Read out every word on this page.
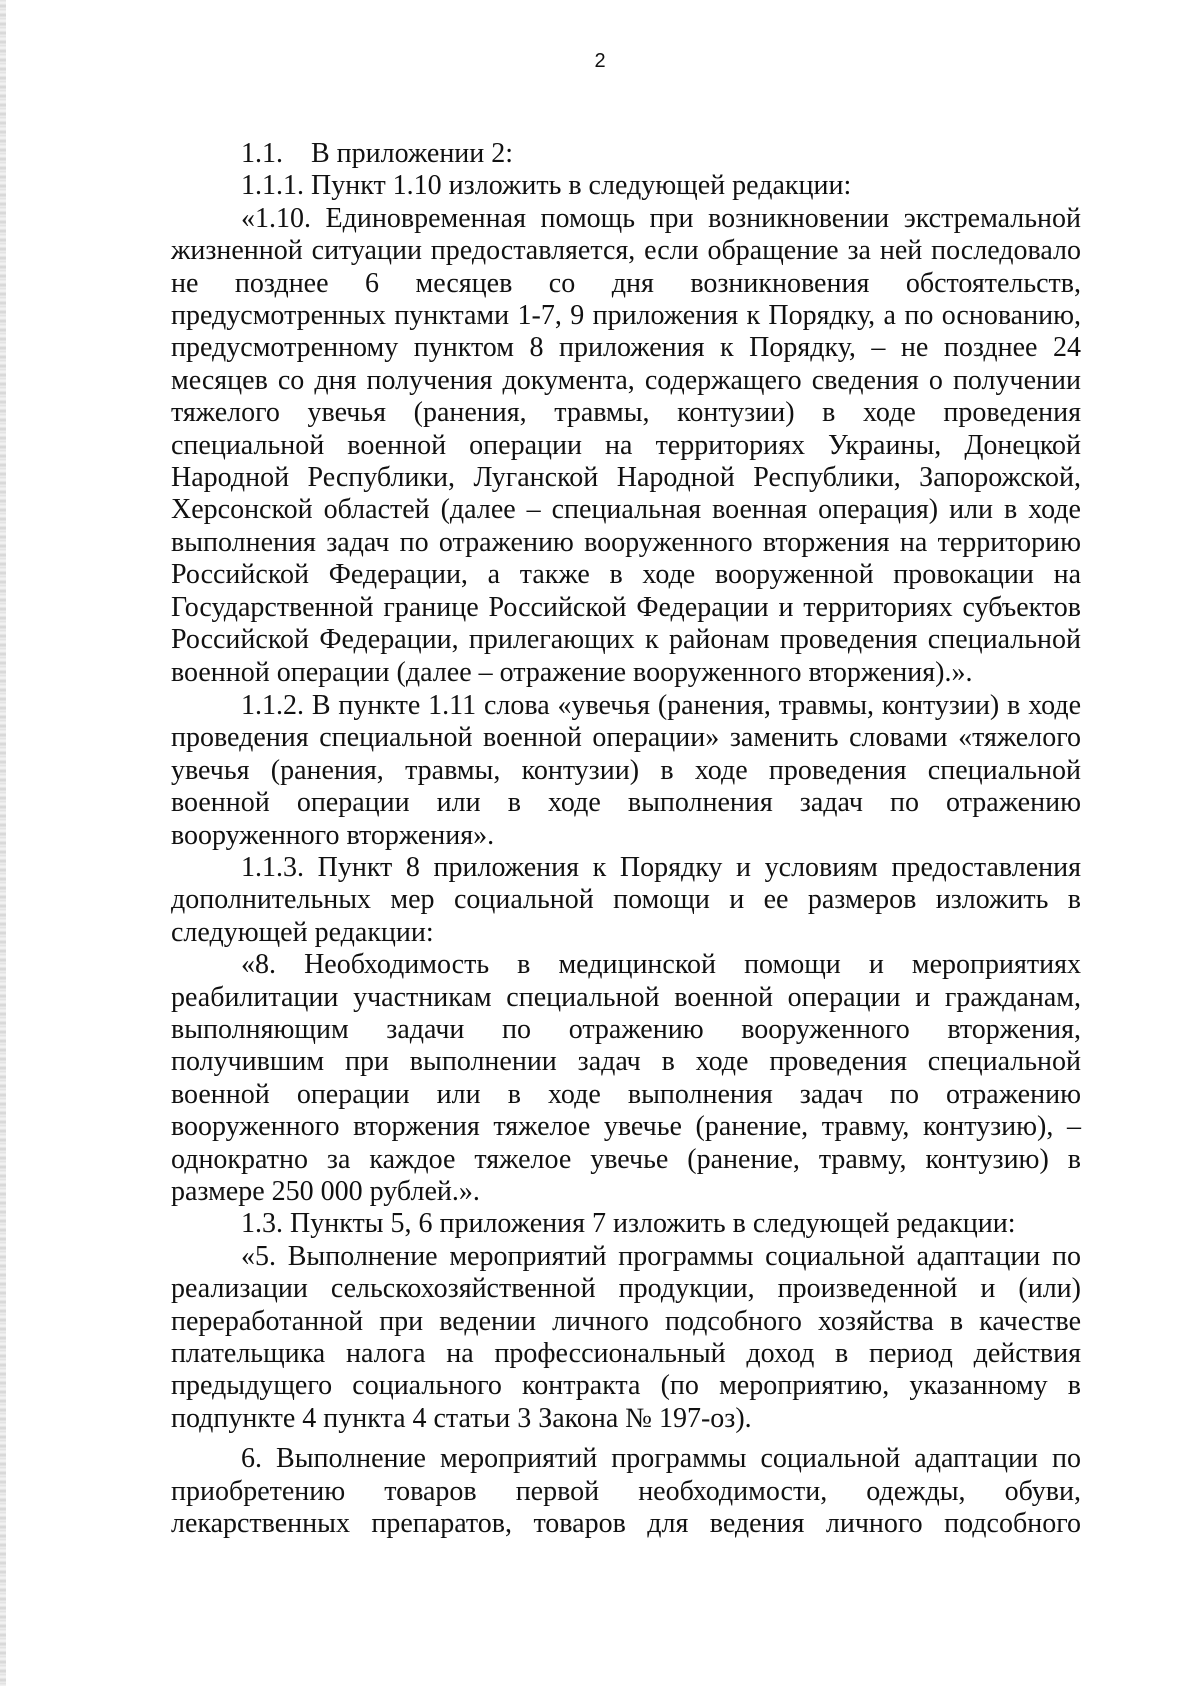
2

1.1.    В приложении 2:

1.1.1. Пункт 1.10 изложить в следующей редакции:

«1.10. Единовременная помощь при возникновении экстремальной жизненной ситуации предоставляется, если обращение за ней последовало не позднее 6 месяцев со дня возникновения обстоятельств, предусмотренных пунктами 1-7, 9 приложения к Порядку, а по основанию, предусмотренному пунктом 8 приложения к Порядку, – не позднее 24 месяцев со дня получения документа, содержащего сведения о получении тяжелого увечья (ранения, травмы, контузии) в ходе проведения специальной военной операции на территориях Украины, Донецкой Народной Республики, Луганской Народной Республики, Запорожской, Херсонской областей (далее – специальная военная операция) или в ходе выполнения задач по отражению вооруженного вторжения на территорию Российской Федерации, а также в ходе вооруженной провокации на Государственной границе Российской Федерации и территориях субъектов Российской Федерации, прилегающих к районам проведения специальной военной операции (далее – отражение вооруженного вторжения).».

1.1.2. В пункте 1.11 слова «увечья (ранения, травмы, контузии) в ходе проведения специальной военной операции» заменить словами «тяжелого увечья (ранения, травмы, контузии) в ходе проведения специальной военной операции или в ходе выполнения задач по отражению вооруженного вторжения».

1.1.3. Пункт 8 приложения к Порядку и условиям предоставления дополнительных мер социальной помощи и ее размеров изложить в следующей редакции:

«8. Необходимость в медицинской помощи и мероприятиях реабилитации участникам специальной военной операции и гражданам, выполняющим задачи по отражению вооруженного вторжения, получившим при выполнении задач в ходе проведения специальной военной операции или в ходе выполнения задач по отражению вооруженного вторжения тяжелое увечье (ранение, травму, контузию), – однократно за каждое тяжелое увечье (ранение, травму, контузию) в размере 250 000 рублей.».

1.3. Пункты 5, 6 приложения 7 изложить в следующей редакции:

«5. Выполнение мероприятий программы социальной адаптации по реализации сельскохозяйственной продукции, произведенной и (или) переработанной при ведении личного подсобного хозяйства в качестве плательщика налога на профессиональный доход в период действия предыдущего социального контракта (по мероприятию, указанному в подпункте 4 пункта 4 статьи 3 Закона № 197-оз).

6. Выполнение мероприятий программы социальной адаптации по приобретению товаров первой необходимости, одежды, обуви, лекарственных препаратов, товаров для ведения личного подсобного
